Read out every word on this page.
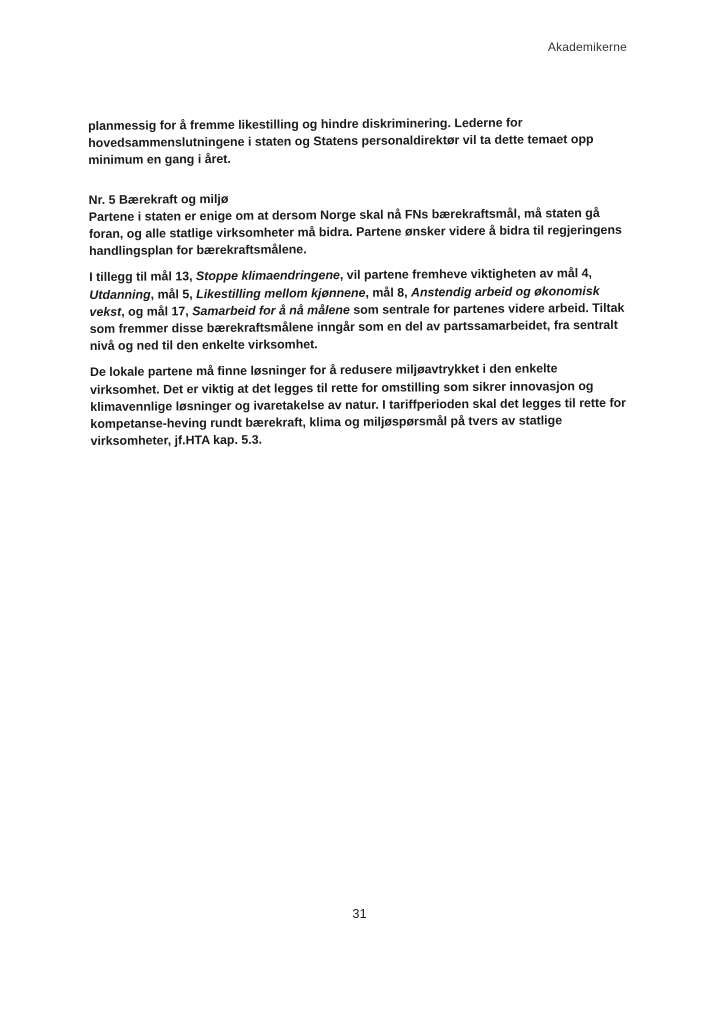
Akademikerne

planmessig for å fremme likestilling og hindre diskriminering. Lederne for hovedsammenslutningene i staten og Statens personaldirektør vil ta dette temaet opp minimum en gang i året.

Nr. 5 Bærekraft og miljø

Partene i staten er enige om at dersom Norge skal nå FNs bærekraftsmål, må staten gå foran, og alle statlige virksomheter må bidra. Partene ønsker videre å bidra til regjeringens handlingsplan for bærekraftsmålene.

I tillegg til mål 13, Stoppe klimaendringene, vil partene fremheve viktigheten av mål 4, Utdanning, mål 5, Likestilling mellom kjønnene, mål 8, Anstendig arbeid og økonomisk vekst, og mål 17, Samarbeid for å nå målene som sentrale for partenes videre arbeid. Tiltak som fremmer disse bærekraftsmålene inngår som en del av partssamarbeidet, fra sentralt nivå og ned til den enkelte virksomhet.

De lokale partene må finne løsninger for å redusere miljøavtrykket i den enkelte virksomhet. Det er viktig at det legges til rette for omstilling som sikrer innovasjon og klimavennlige løsninger og ivaretakelse av natur. I tariffperioden skal det legges til rette for kompetanse-heving rundt bærekraft, klima og miljøspørsmål på tvers av statlige virksomheter, jf.HTA kap. 5.3.

31
